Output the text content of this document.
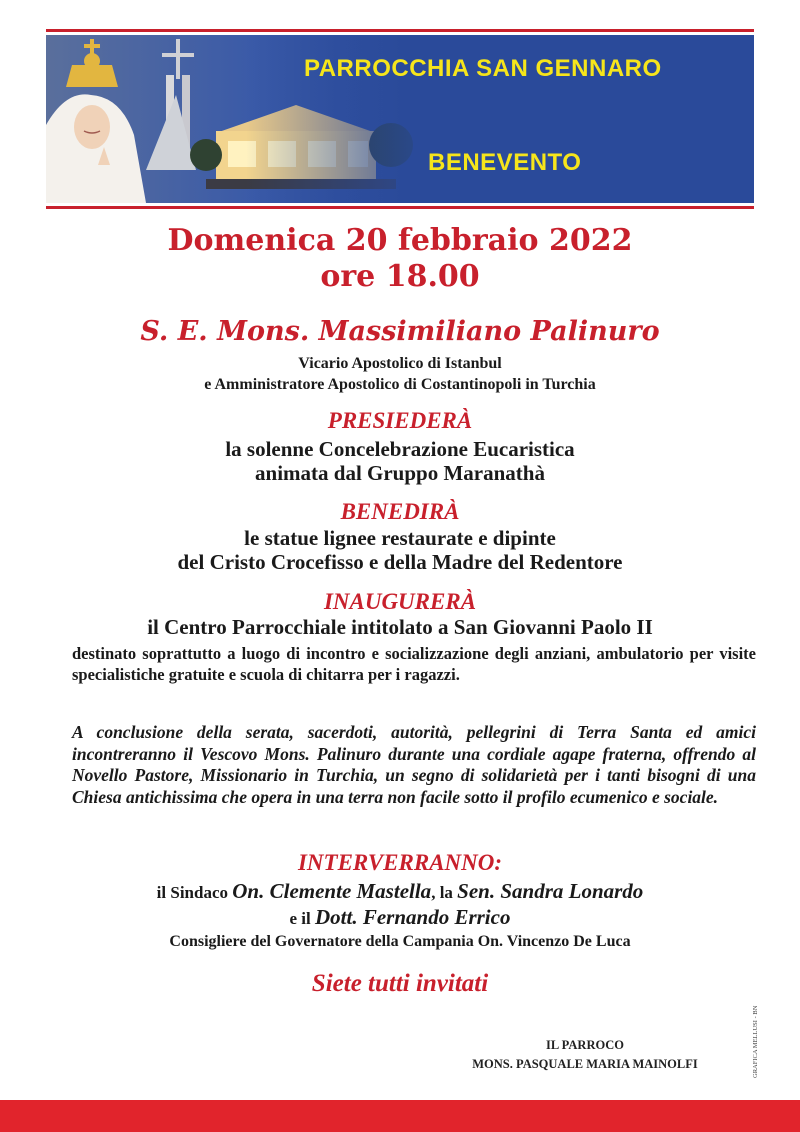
PARROCCHIA SAN GENNARO
BENEVENTO
Domenica 20 febbraio 2022
ore 18.00
S. E. Mons. Massimiliano Palinuro
Vicario Apostolico di Istanbul
e Amministratore Apostolico di Costantinopoli in Turchia
PRESIEDERÀ
la solenne Concelebrazione Eucaristica
animata dal Gruppo Maranathà
BENEDIRÀ
le statue lignee restaurate e dipinte
del Cristo Crocefisso e della Madre del Redentore
INAUGURERÀ
il Centro Parrocchiale intitolato a San Giovanni Paolo II
destinato soprattutto a luogo di incontro e socializzazione degli anziani, ambulatorio per visite specialistiche gratuite e scuola di chitarra per i ragazzi.
A conclusione della serata, sacerdoti, autorità, pellegrini di Terra Santa ed amici incontreranno il Vescovo Mons. Palinuro durante una cordiale agape fraterna, offrendo al Novello Pastore, Missionario in Turchia, un segno di solidarietà per i tanti bisogni di una Chiesa antichissima che opera in una terra non facile sotto il profilo ecumenico e sociale.
INTERVERRANNO:
il Sindaco On. Clemente Mastella, la Sen. Sandra Lonardo
e il Dott. Fernando Errico
Consigliere del Governatore della Campania On. Vincenzo De Luca
Siete tutti invitati
IL PARROCO
MONS. PASQUALE MARIA MAINOLFI	GRAFICA MELLUSI - BN
